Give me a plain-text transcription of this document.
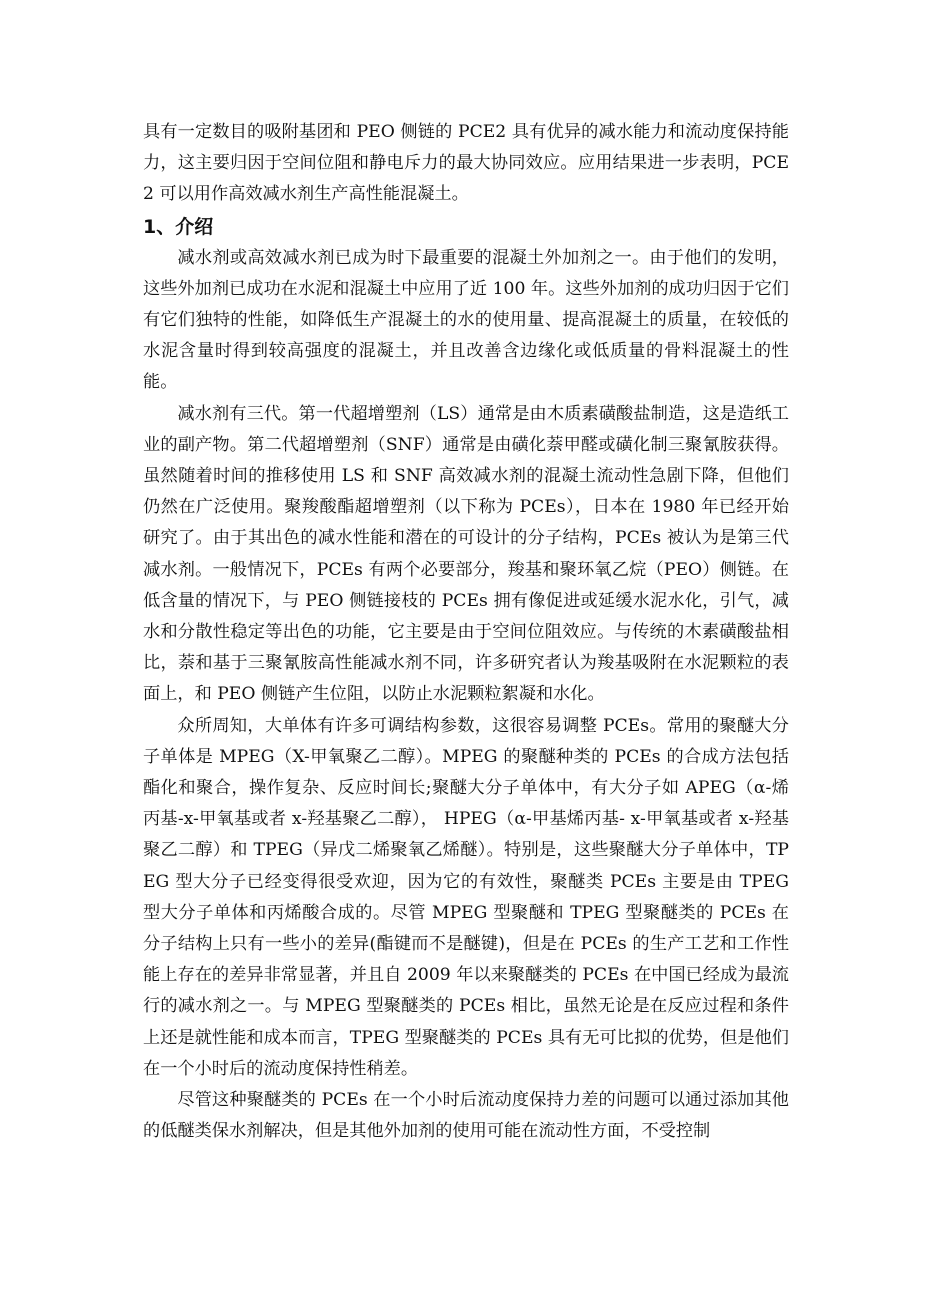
具有一定数目的吸附基团和 PEO 侧链的 PCE2 具有优异的减水能力和流动度保持能力，这主要归因于空间位阻和静电斥力的最大协同效应。应用结果进一步表明，PCE2 可以用作高效减水剂生产高性能混凝土。

1、介绍

减水剂或高效减水剂已成为时下最重要的混凝土外加剂之一。由于他们的发明，这些外加剂已成功在水泥和混凝土中应用了近 100 年。这些外加剂的成功归因于它们有它们独特的性能，如降低生产混凝土的水的使用量、提高混凝土的质量，在较低的水泥含量时得到较高强度的混凝土，并且改善含边缘化或低质量的骨料混凝土的性能。

减水剂有三代。第一代超增塑剂（LS）通常是由木质素磺酸盐制造，这是造纸工业的副产物。第二代超增塑剂（SNF）通常是由磺化萘甲醛或磺化制三聚氰胺获得。虽然随着时间的推移使用 LS 和 SNF 高效减水剂的混凝土流动性急剧下降，但他们仍然在广泛使用。聚羧酸酯超增塑剂（以下称为 PCEs），日本在 1980 年已经开始研究了。由于其出色的减水性能和潜在的可设计的分子结构，PCEs 被认为是第三代减水剂。一般情况下，PCEs 有两个必要部分，羧基和聚环氧乙烷（PEO）侧链。在低含量的情况下，与 PEO 侧链接枝的 PCEs 拥有像促进或延缓水泥水化，引气，减水和分散性稳定等出色的功能，它主要是由于空间位阻效应。与传统的木素磺酸盐相比，萘和基于三聚氰胺高性能减水剂不同，许多研究者认为羧基吸附在水泥颗粒的表面上，和 PEO 侧链产生位阻，以防止水泥颗粒絮凝和水化。

众所周知，大单体有许多可调结构参数，这很容易调整 PCEs。常用的聚醚大分子单体是 MPEG（X-甲氧聚乙二醇）。MPEG 的聚醚种类的 PCEs 的合成方法包括酯化和聚合，操作复杂、反应时间长;聚醚大分子单体中，有大分子如 APEG（α-烯丙基-x-甲氧基或者 x-羟基聚乙二醇）， HPEG（α-甲基烯丙基- x-甲氧基或者 x-羟基聚乙二醇）和 TPEG（异戊二烯聚氧乙烯醚）。特别是，这些聚醚大分子单体中，TPEG 型大分子已经变得很受欢迎，因为它的有效性，聚醚类 PCEs 主要是由 TPEG 型大分子单体和丙烯酸合成的。尽管 MPEG 型聚醚和 TPEG 型聚醚类的 PCEs 在分子结构上只有一些小的差异(酯键而不是醚键)，但是在 PCEs 的生产工艺和工作性能上存在的差异非常显著，并且自 2009 年以来聚醚类的 PCEs 在中国已经成为最流行的减水剂之一。与 MPEG 型聚醚类的 PCEs 相比，虽然无论是在反应过程和条件上还是就性能和成本而言，TPEG 型聚醚类的 PCEs 具有无可比拟的优势，但是他们在一个小时后的流动度保持性稍差。

尽管这种聚醚类的 PCEs 在一个小时后流动度保持力差的问题可以通过添加其他的低醚类保水剂解决，但是其他外加剂的使用可能在流动性方面，不受控制
